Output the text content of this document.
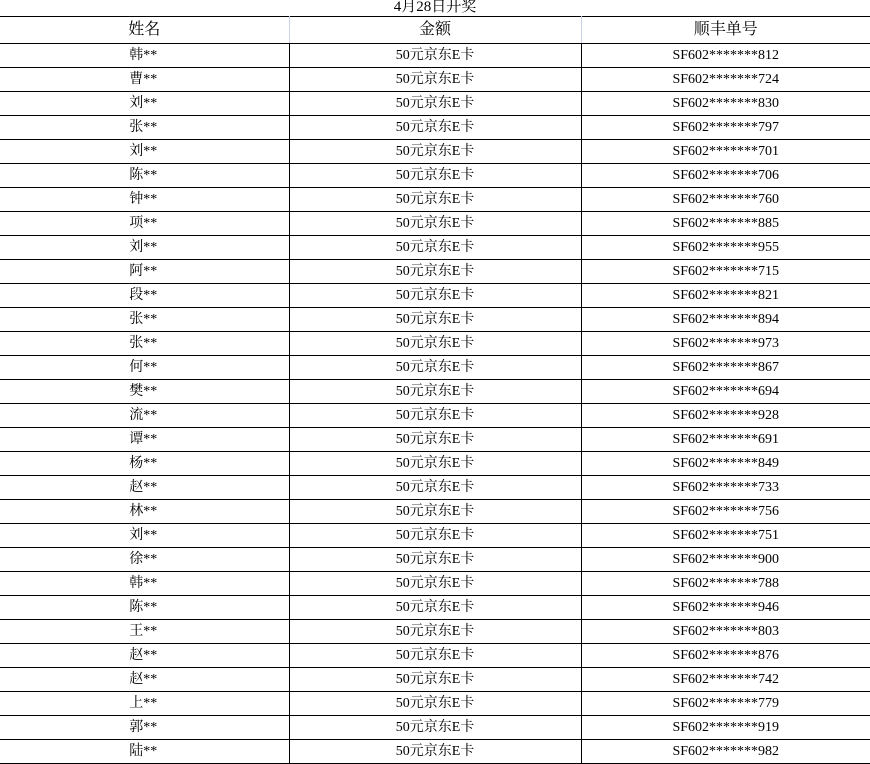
4月28日开奖
姓名	金额	顺丰单号
韩**	50元京东E卡	SF602*******812
曹**	50元京东E卡	SF602*******724
刘**	50元京东E卡	SF602*******830
张**	50元京东E卡	SF602*******797
刘**	50元京东E卡	SF602*******701
陈**	50元京东E卡	SF602*******706
钟**	50元京东E卡	SF602*******760
项**	50元京东E卡	SF602*******885
刘**	50元京东E卡	SF602*******955
阿**	50元京东E卡	SF602*******715
段**	50元京东E卡	SF602*******821
张**	50元京东E卡	SF602*******894
张**	50元京东E卡	SF602*******973
何**	50元京东E卡	SF602*******867
樊**	50元京东E卡	SF602*******694
流**	50元京东E卡	SF602*******928
谭**	50元京东E卡	SF602*******691
杨**	50元京东E卡	SF602*******849
赵**	50元京东E卡	SF602*******733
林**	50元京东E卡	SF602*******756
刘**	50元京东E卡	SF602*******751
徐**	50元京东E卡	SF602*******900
韩**	50元京东E卡	SF602*******788
陈**	50元京东E卡	SF602*******946
王**	50元京东E卡	SF602*******803
赵**	50元京东E卡	SF602*******876
赵**	50元京东E卡	SF602*******742
上**	50元京东E卡	SF602*******779
郭**	50元京东E卡	SF602*******919
陆**	50元京东E卡	SF602*******982
